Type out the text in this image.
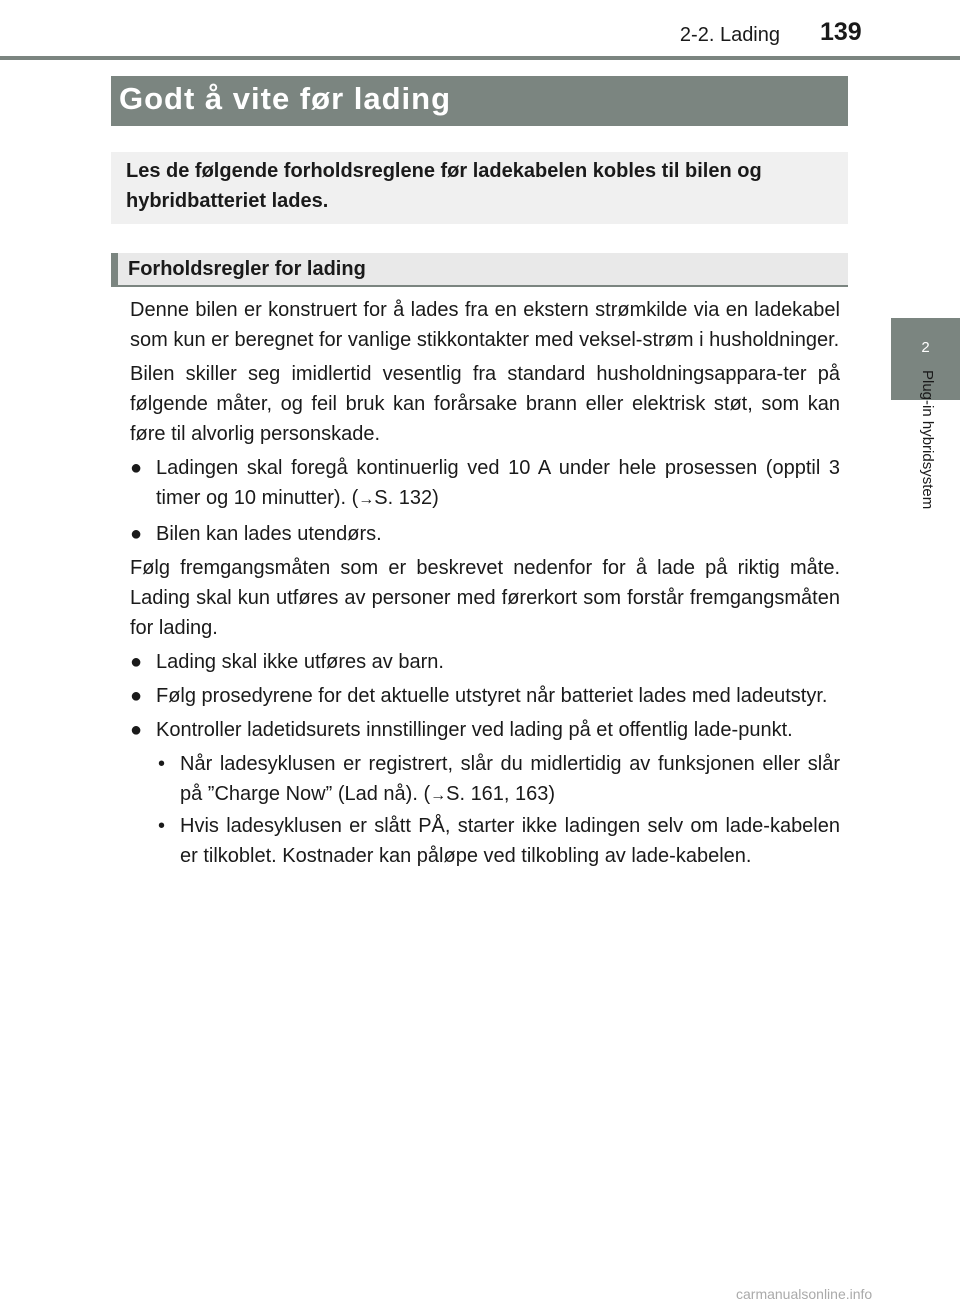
2-2. Lading 139
2
Plug-in hybridsystem
Godt å vite før lading

Les de følgende forholdsreglene før ladekabelen kobles til bilen og hybridbatteriet lades.

Forholdsregler for lading

Denne bilen er konstruert for å lades fra en ekstern strømkilde via en ladekabel som kun er beregnet for vanlige stikkontakter med veksel-strøm i husholdninger.

Bilen skiller seg imidlertid vesentlig fra standard husholdningsappara-ter på følgende måter, og feil bruk kan forårsake brann eller elektrisk støt, som kan føre til alvorlig personskade.

● Ladingen skal foregå kontinuerlig ved 10 A under hele prosessen (opptil 3 timer og 10 minutter). (→S. 132)
● Bilen kan lades utendørs.

Følg fremgangsmåten som er beskrevet nedenfor for å lade på riktig måte. Lading skal kun utføres av personer med førerkort som forstår fremgangsmåten for lading.

● Lading skal ikke utføres av barn.
● Følg prosedyrene for det aktuelle utstyret når batteriet lades med ladeutstyr.
● Kontroller ladetidsurets innstillinger ved lading på et offentlig lade-punkt.
• Når ladesyklusen er registrert, slår du midlertidig av funksjonen eller slår på ”Charge Now” (Lad nå). (→S. 161, 163)
• Hvis ladesyklusen er slått PÅ, starter ikke ladingen selv om lade-kabelen er tilkoblet. Kostnader kan påløpe ved tilkobling av lade-kabelen.
carmanualsonline.info
